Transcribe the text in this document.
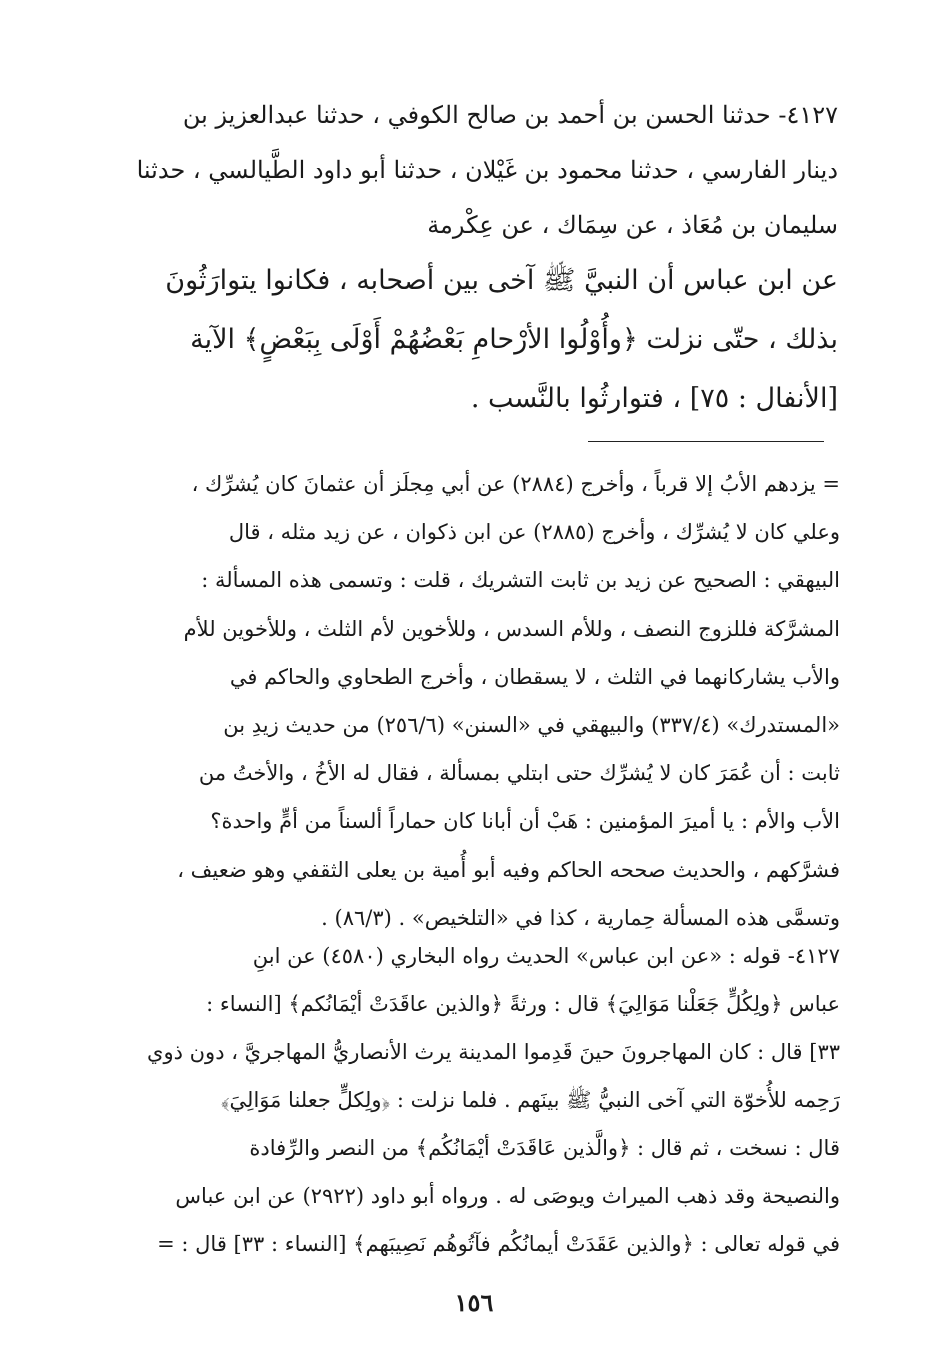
٤١٢٧- حدثنا الحسن بن أحمد بن صالح الكوفي ، حدثنا عبدالعزيز بن
دينار الفارسي ، حدثنا محمود بن غَيْلان ، حدثنا أبو داود الطَّيالسي ، حدثنا
سليمان بن مُعَاذ ، عن سِمَاك ، عن عِكْرمة
عن ابن عباس أن النبيَّ ﷺ آخى بين أصحابه ، فكانوا يتوارَثُونَ
بذلك ، حتّى نزلت ﴿وأُوْلُوا الأرْحامِ بَعْضُهُمْ أَوْلَى بِبَعْضٍ﴾ الآية
[الأنفال : ٧٥] ، فتوارثُوا بالنَّسب .
= يزدهم الأبُ إلا قرباً ، وأخرج (٢٨٨٤) عن أبي مِجلَز أن عثمانَ كان يُشرِّك ،
وعلي كان لا يُشرِّك ، وأخرج (٢٨٨٥) عن ابن ذكوان ، عن زيد مثله ، قال
البيهقي : الصحيح عن زيد بن ثابت التشريك ، قلت : وتسمى هذه المسألة :
المشرَّكة فللزوج النصف ، وللأم السدس ، وللأخوين لأم الثلث ، وللأخوين للأم
والأب يشاركانهما في الثلث ، لا يسقطان ، وأخرج الطحاوي والحاكم في
«المستدرك» (٣٣٧/٤) والبيهقي في «السنن» (٢٥٦/٦) من حديث زيدِ بن
ثابت : أن عُمَرَ كان لا يُشرِّك حتى ابتلي بمسألة ، فقال له الأخُ ، والأختُ من
الأب والأم : يا أميرَ المؤمنين : هَبْ أن أبانا كان حماراً ألسناً من أمٍّ واحدة؟
فشرَّكهم ، والحديث صححه الحاكم وفيه أبو أُمية بن يعلى الثقفي وهو ضعيف ،
وتسمَّى هذه المسألة حِمارية ، كذا في «التلخيص» . (٨٦/٣) .
٤١٢٧- قوله : «عن ابن عباس» الحديث رواه البخاري (٤٥٨٠) عن ابنِ
عباس ﴿ولِكُلٍّ جَعَلْنا مَوَالِيَ﴾ قال : ورثةً ﴿والذين عاقَدَتْ أيْمَانُكم﴾ [النساء :
٣٣] قال : كان المهاجرونَ حينَ قَدِموا المدينة يرث الأنصاريُّ المهاجريَّ ، دون ذوي
رَحِمه للأُخوّة التي آخى النبيُّ ﷺ بينَهم . فلما نزلت : ﴿ولِكلٍّ جعلنا مَوَالِيَ﴾
قال : نسخت ، ثم قال : ﴿والَّذين عَاقَدَتْ أيْمَانُكُم﴾ من النصر والرِّفادة
والنصيحة وقد ذهب الميراث ويوصَى له . ورواه أبو داود (٢٩٢٢) عن ابن عباس
في قوله تعالى : ﴿والذين عَقَدَتْ أيمانُكُم فآتُوهُم نَصِيبَهم﴾ [النساء : ٣٣] قال : =
١٥٦
